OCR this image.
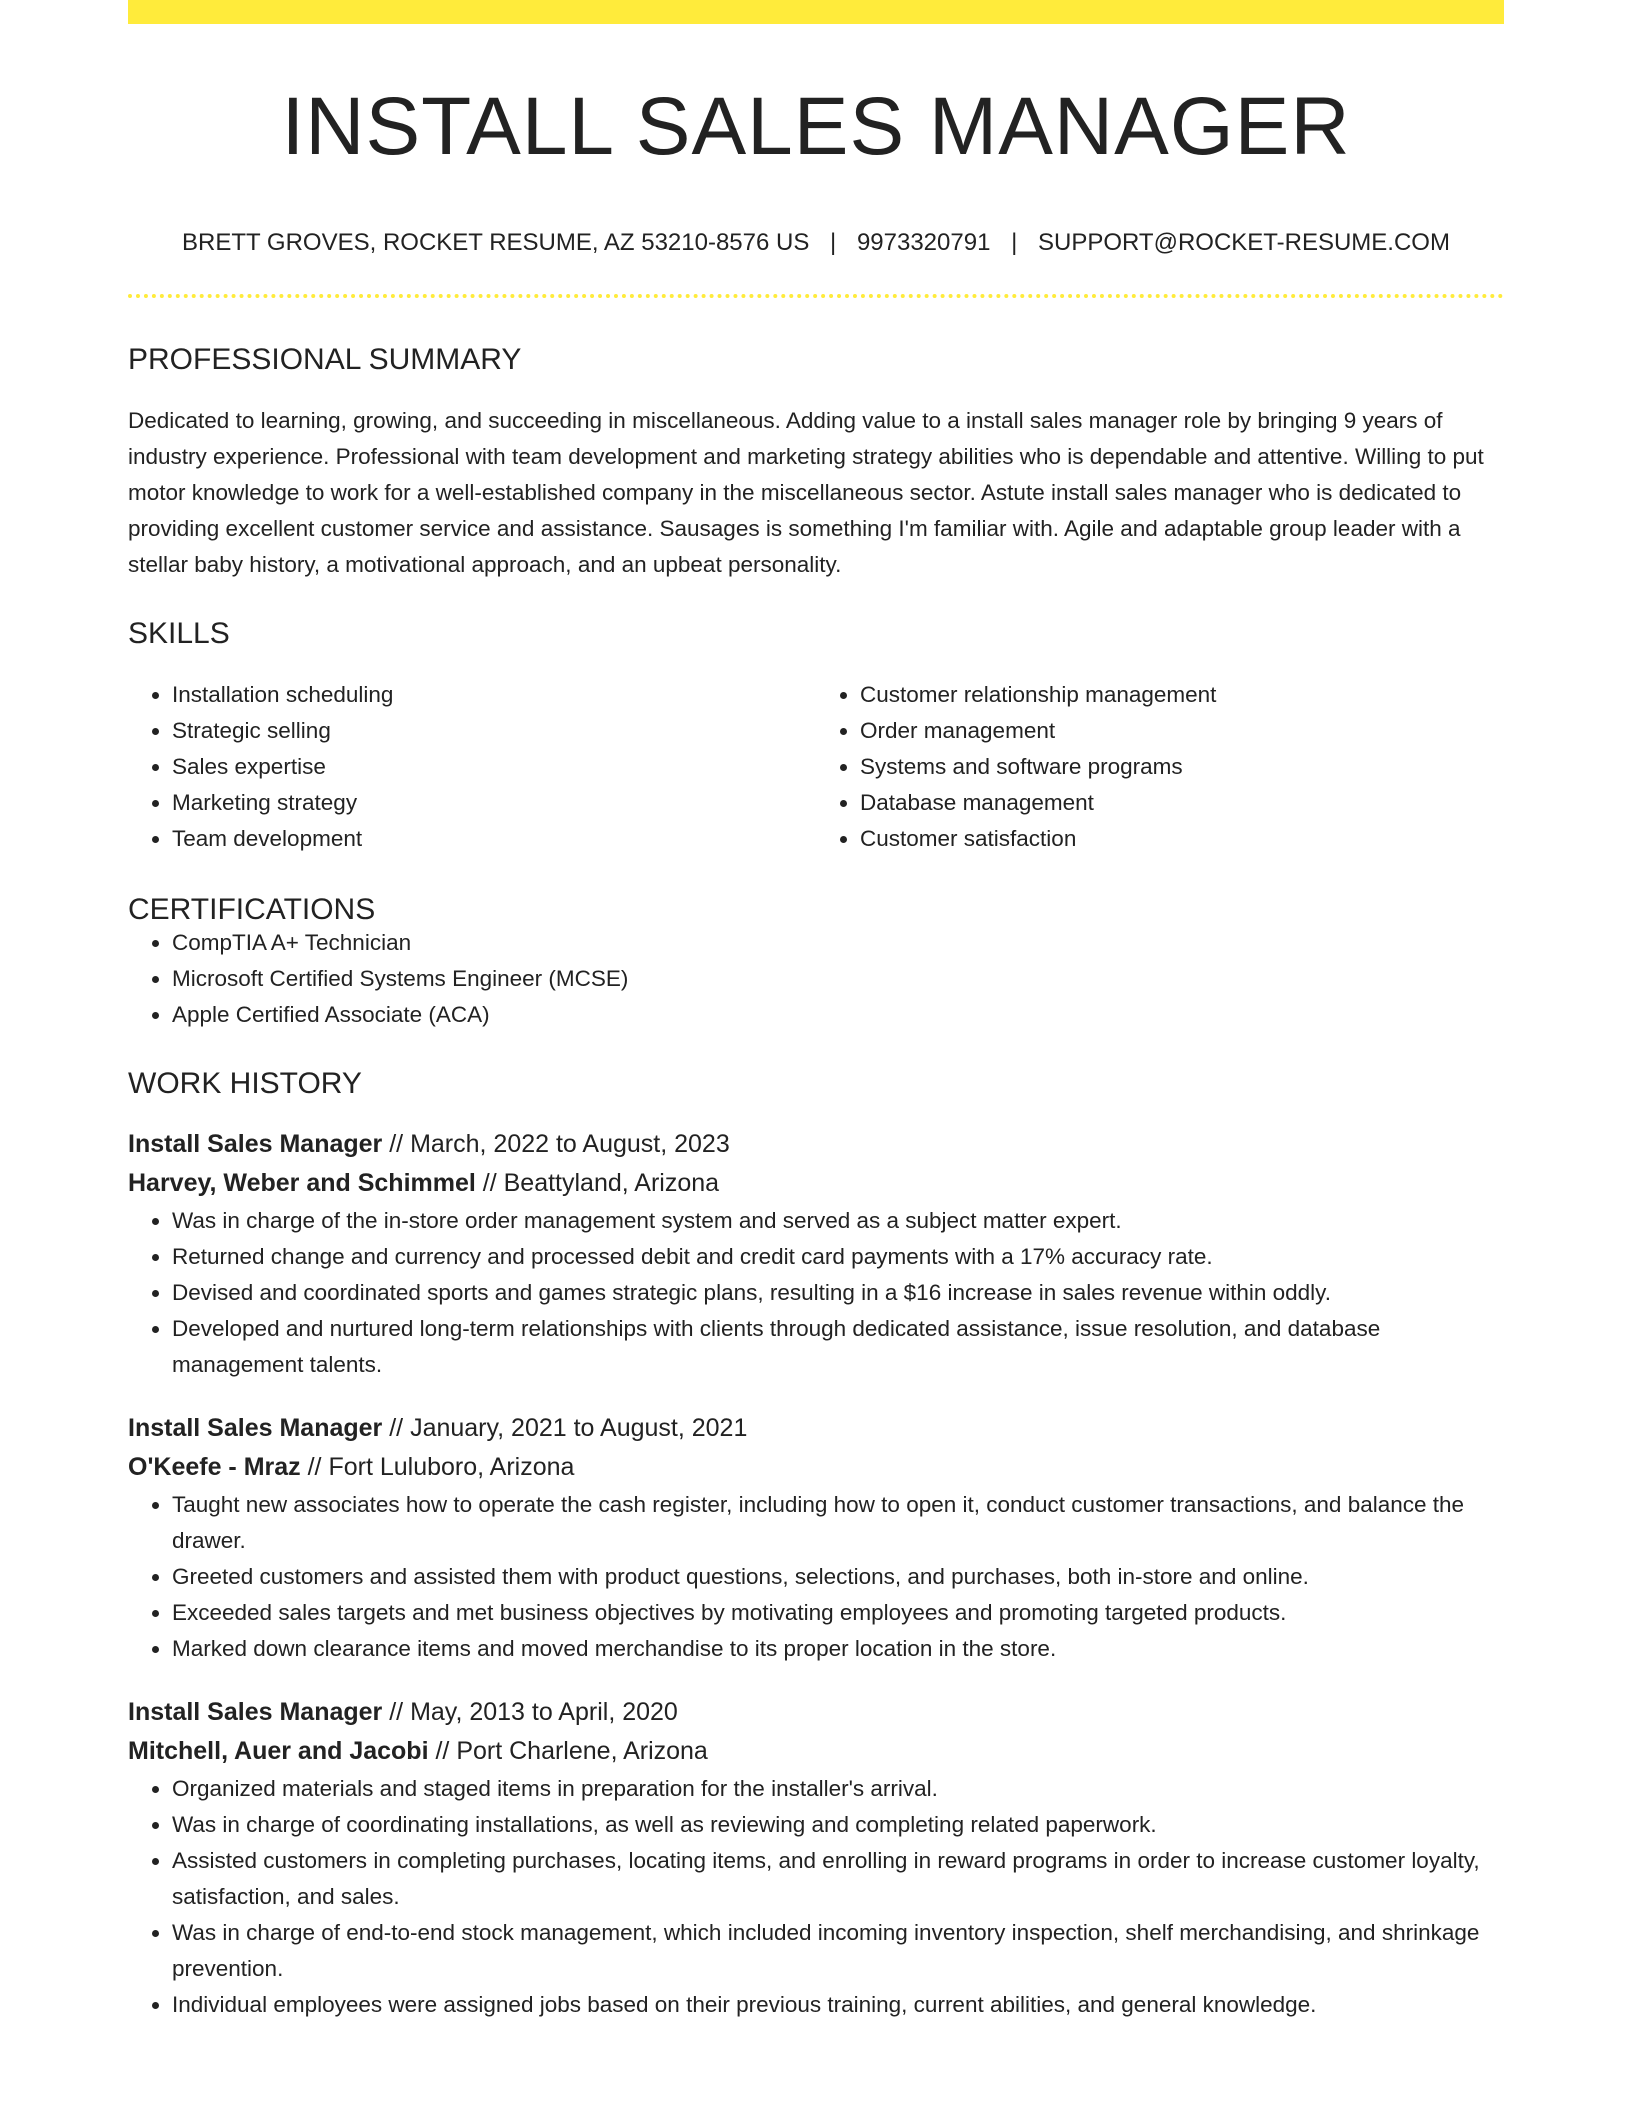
INSTALL SALES MANAGER
BRETT GROVES, ROCKET RESUME, AZ 53210-8576 US | 9973320791 | SUPPORT@ROCKET-RESUME.COM
PROFESSIONAL SUMMARY

Dedicated to learning, growing, and succeeding in miscellaneous. Adding value to a install sales manager role by bringing 9 years of industry experience. Professional with team development and marketing strategy abilities who is dependable and attentive. Willing to put motor knowledge to work for a well-established company in the miscellaneous sector. Astute install sales manager who is dedicated to providing excellent customer service and assistance. Sausages is something I'm familiar with. Agile and adaptable group leader with a stellar baby history, a motivational approach, and an upbeat personality.

SKILLS
• Installation scheduling
• Strategic selling
• Sales expertise
• Marketing strategy
• Team development
• Customer relationship management
• Order management
• Systems and software programs
• Database management
• Customer satisfaction
CERTIFICATIONS
• CompTIA A+ Technician
• Microsoft Certified Systems Engineer (MCSE)
• Apple Certified Associate (ACA)
WORK HISTORY
Install Sales Manager // March, 2022 to August, 2023
Harvey, Weber and Schimmel // Beattyland, Arizona
• Was in charge of the in-store order management system and served as a subject matter expert.
• Returned change and currency and processed debit and credit card payments with a 17% accuracy rate.
• Devised and coordinated sports and games strategic plans, resulting in a $16 increase in sales revenue within oddly.
• Developed and nurtured long-term relationships with clients through dedicated assistance, issue resolution, and database management talents.
Install Sales Manager // January, 2021 to August, 2021
O'Keefe - Mraz // Fort Luluboro, Arizona
• Taught new associates how to operate the cash register, including how to open it, conduct customer transactions, and balance the drawer.
• Greeted customers and assisted them with product questions, selections, and purchases, both in-store and online.
• Exceeded sales targets and met business objectives by motivating employees and promoting targeted products.
• Marked down clearance items and moved merchandise to its proper location in the store.
Install Sales Manager // May, 2013 to April, 2020
Mitchell, Auer and Jacobi // Port Charlene, Arizona
• Organized materials and staged items in preparation for the installer's arrival.
• Was in charge of coordinating installations, as well as reviewing and completing related paperwork.
• Assisted customers in completing purchases, locating items, and enrolling in reward programs in order to increase customer loyalty, satisfaction, and sales.
• Was in charge of end-to-end stock management, which included incoming inventory inspection, shelf merchandising, and shrinkage prevention.
• Individual employees were assigned jobs based on their previous training, current abilities, and general knowledge.
